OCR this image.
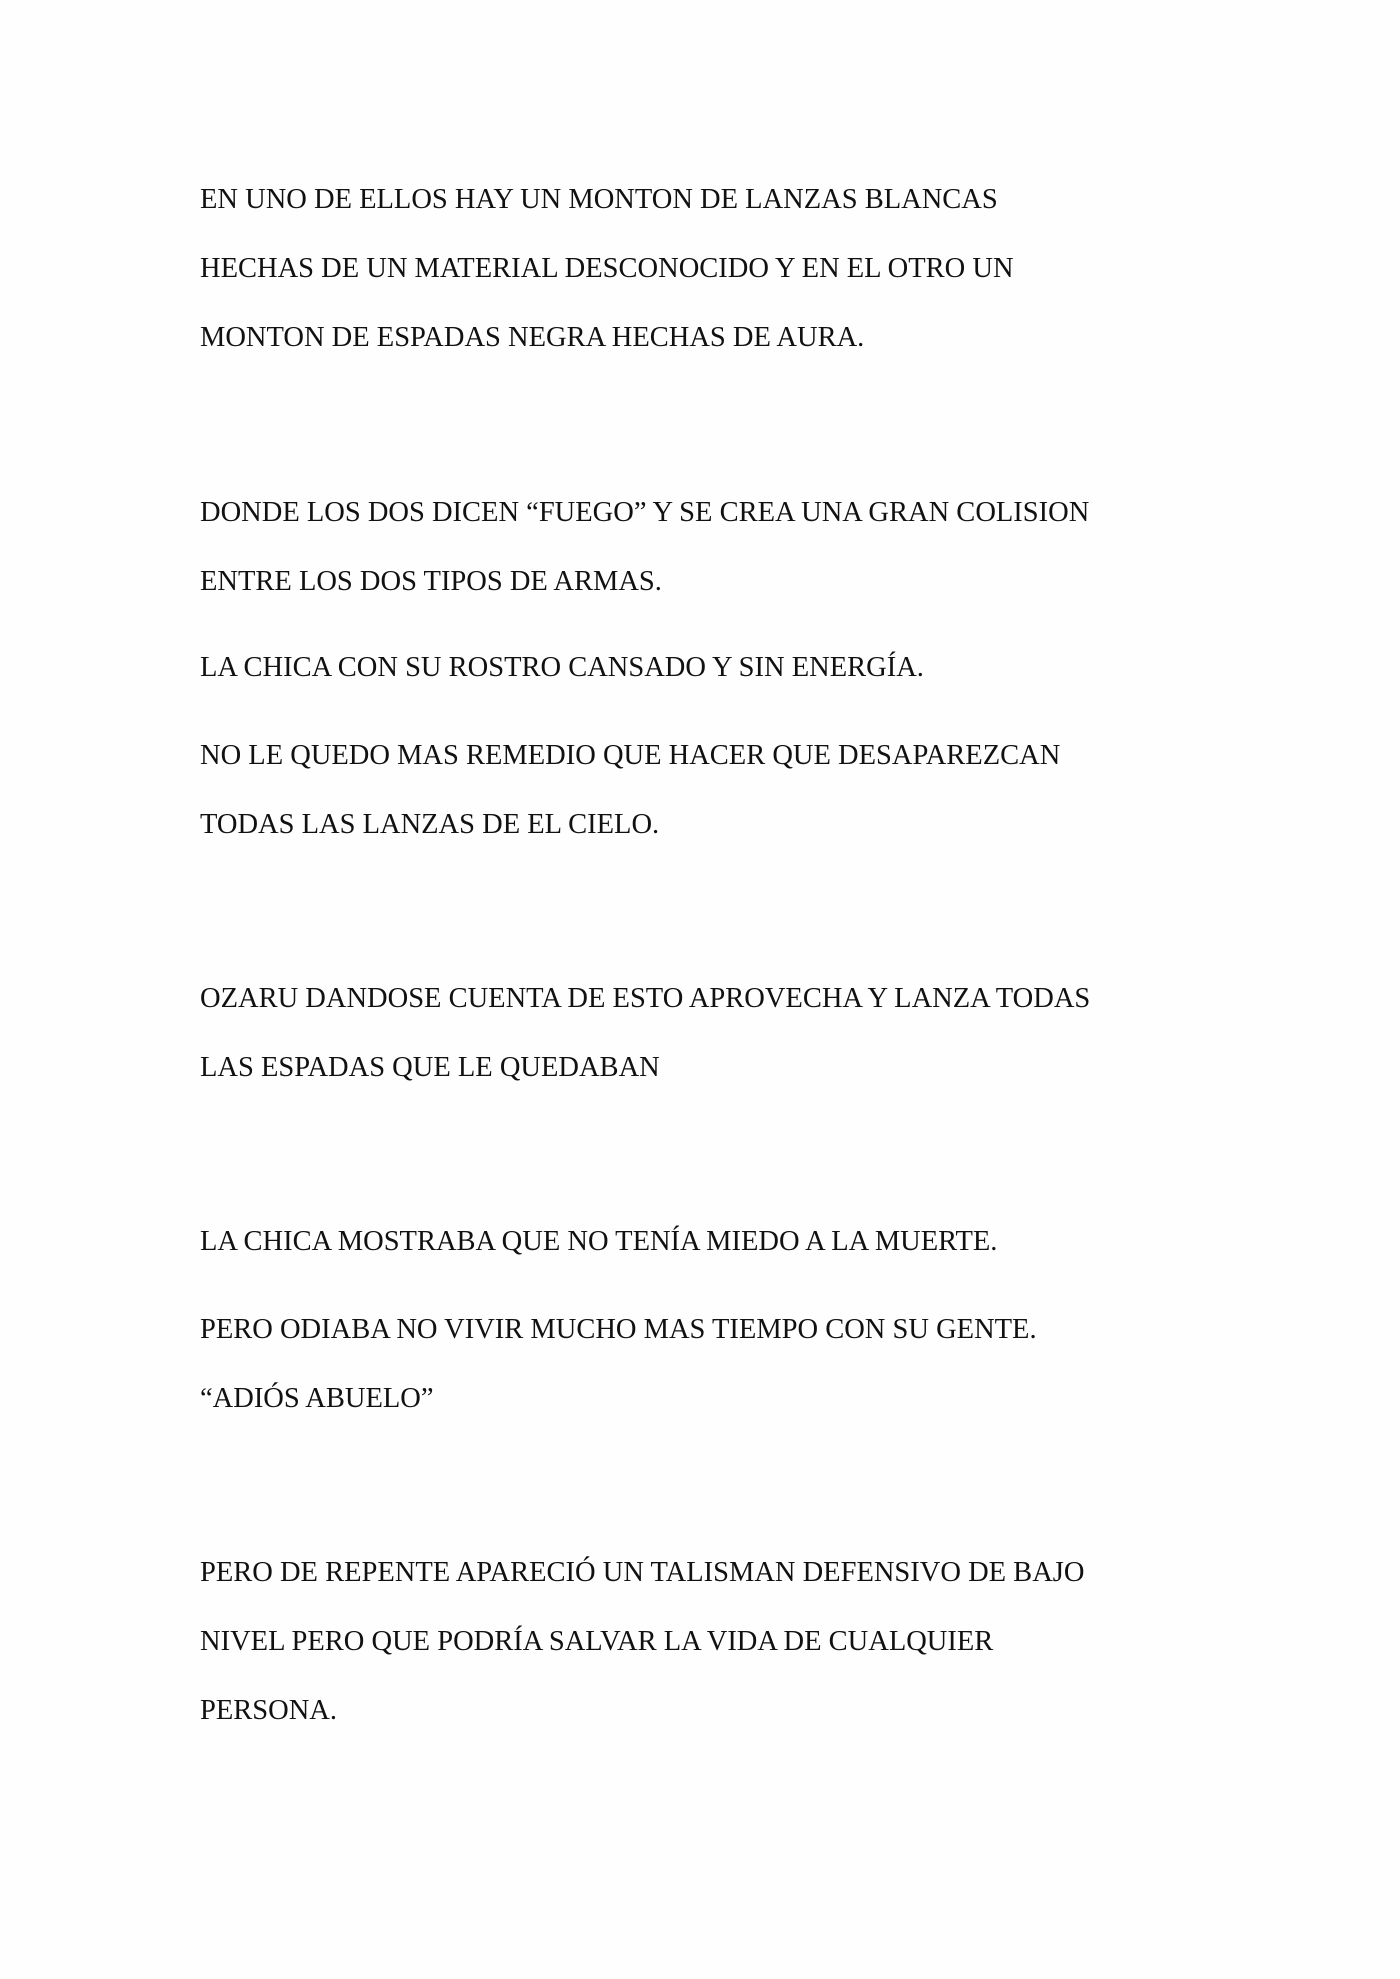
EN UNO DE ELLOS HAY UN MONTON DE LANZAS BLANCAS

HECHAS DE UN MATERIAL DESCONOCIDO Y EN EL OTRO UN

MONTON DE ESPADAS NEGRA HECHAS DE AURA.

DONDE LOS DOS DICEN “FUEGO” Y SE CREA UNA GRAN COLISION

ENTRE LOS DOS TIPOS DE ARMAS.

LA CHICA CON SU ROSTRO CANSADO Y SIN ENERGÍA.

NO LE QUEDO MAS REMEDIO QUE HACER QUE DESAPAREZCAN

TODAS LAS LANZAS DE EL CIELO.

OZARU DANDOSE CUENTA DE ESTO APROVECHA Y LANZA TODAS

LAS ESPADAS QUE LE QUEDABAN

LA CHICA MOSTRABA QUE NO TENÍA MIEDO A LA MUERTE.

PERO ODIABA NO VIVIR MUCHO MAS TIEMPO CON SU GENTE.

“ADIÓS ABUELO”

PERO DE REPENTE APARECIÓ UN TALISMAN DEFENSIVO DE BAJO

NIVEL PERO QUE PODRÍA SALVAR LA VIDA DE CUALQUIER

PERSONA.
